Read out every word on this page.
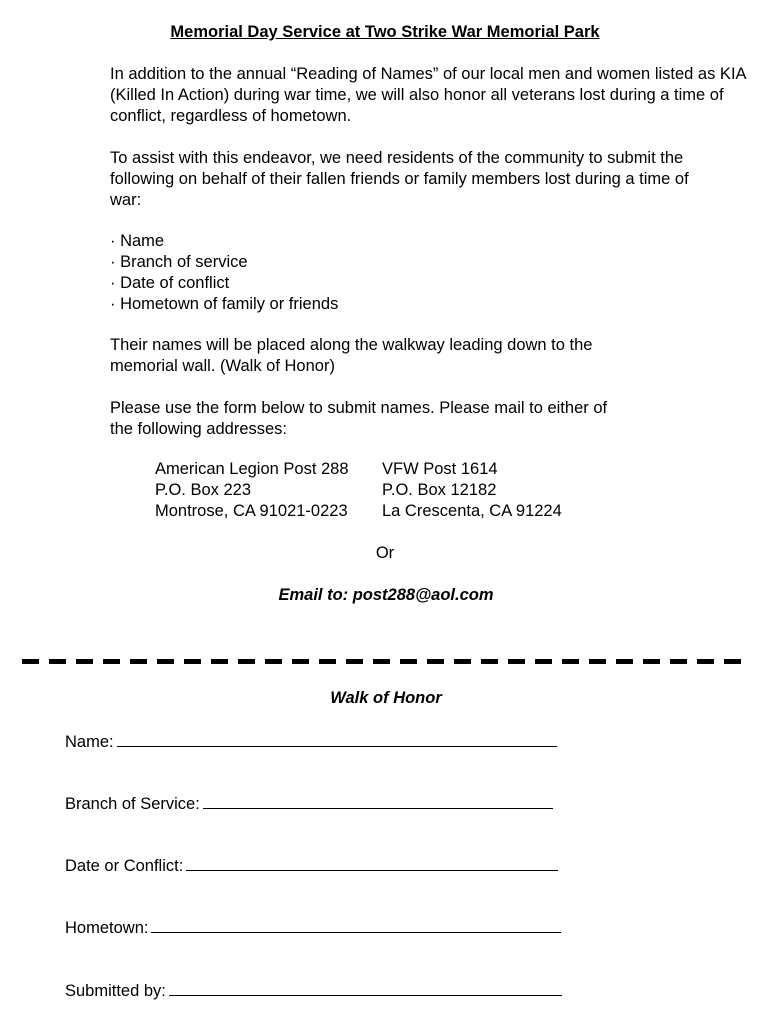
Memorial Day Service at Two Strike War Memorial Park
In addition to the annual “Reading of Names” of our local men and women listed as KIA (Killed In Action) during war time, we will also honor all veterans lost during a time of conflict, regardless of hometown.
To assist with this endeavor, we need residents of the community to submit the following on behalf of their fallen friends or family members lost during a time of war:
· Name
· Branch of service
· Date of conflict
· Hometown of family or friends
Their names will be placed along the walkway leading down to the memorial wall. (Walk of Honor)
Please use the form below to submit names. Please mail to either of the following addresses:
American Legion Post 288
P.O. Box 223
Montrose, CA 91021-0223
VFW Post 1614
P.O. Box 12182
La Crescenta, CA 91224
Or
Email to: post288@aol.com
Walk of Honor
Name:
Branch of Service:
Date or Conflict:
Hometown:
Submitted by:
